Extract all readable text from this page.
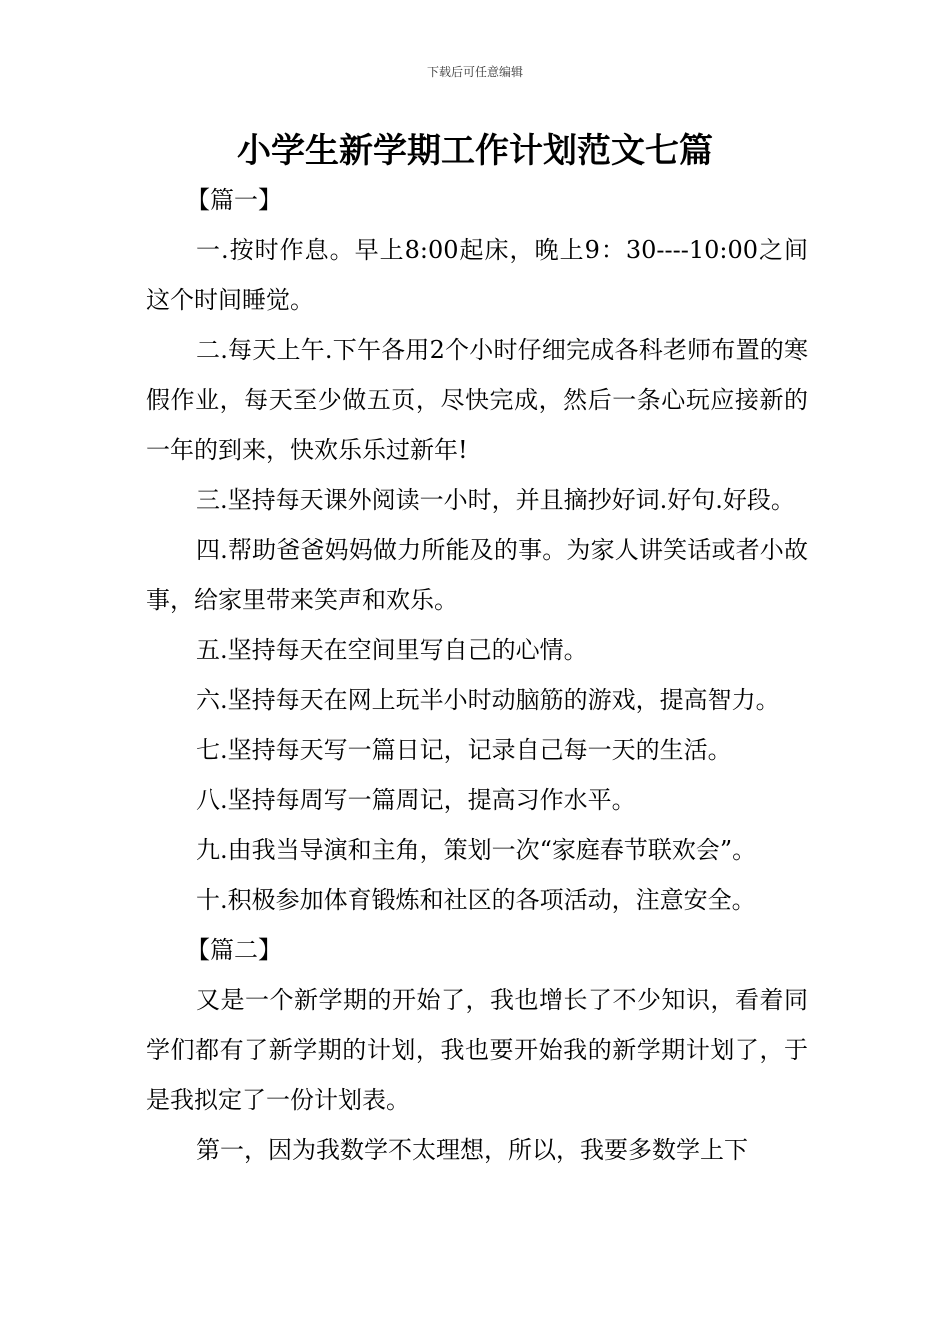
下载后可任意编辑
小学生新学期工作计划范文七篇

【篇一】

一.按时作息。早上8:00起床，晚上9：30----10:00之间这个时间睡觉。

二.每天上午.下午各用2个小时仔细完成各科老师布置的寒假作业，每天至少做五页，尽快完成，然后一条心玩应接新的一年的到来，快欢乐乐过新年!

三.坚持每天课外阅读一小时，并且摘抄好词.好句.好段。

四.帮助爸爸妈妈做力所能及的事。为家人讲笑话或者小故事，给家里带来笑声和欢乐。

五.坚持每天在空间里写自己的心情。

六.坚持每天在网上玩半小时动脑筋的游戏，提高智力。

七.坚持每天写一篇日记，记录自己每一天的生活。

八.坚持每周写一篇周记，提高习作水平。

九.由我当导演和主角，策划一次“家庭春节联欢会”。

十.积极参加体育锻炼和社区的各项活动，注意安全。

【篇二】

又是一个新学期的开始了，我也增长了不少知识，看着同学们都有了新学期的计划，我也要开始我的新学期计划了，于是我拟定了一份计划表。

第一，因为我数学不太理想，所以，我要多数学上下
